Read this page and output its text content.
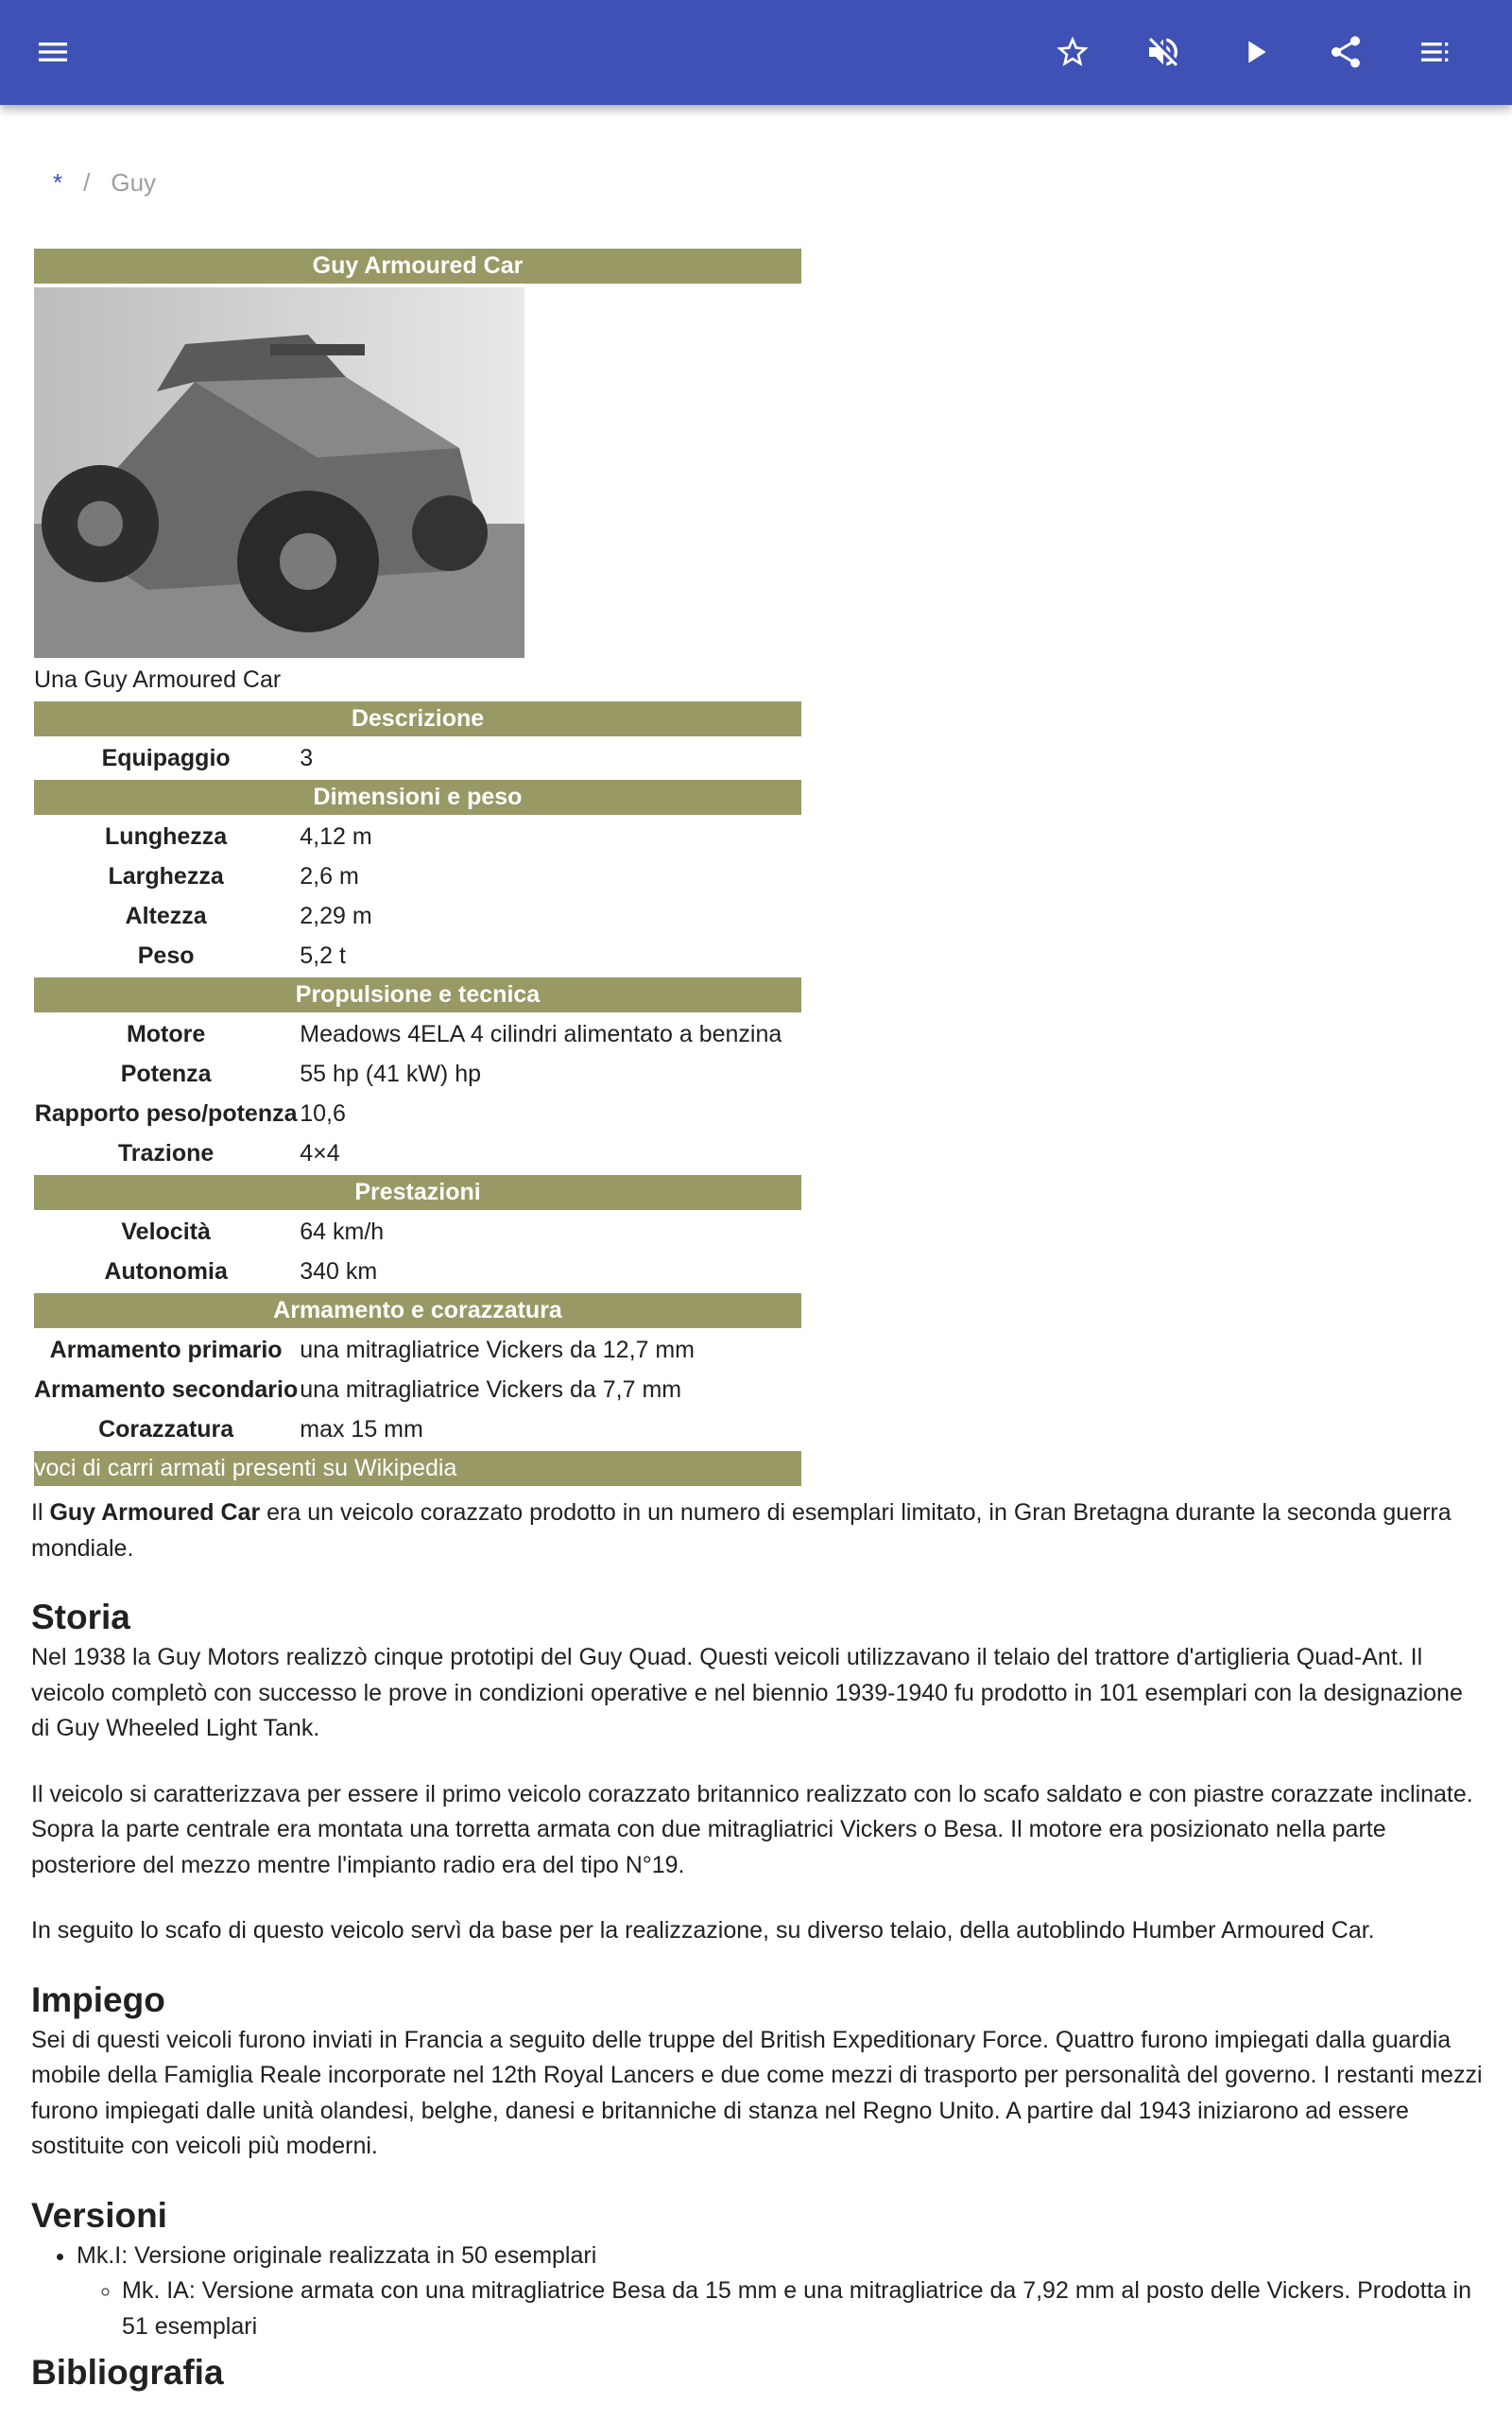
* / Guy
Guy Armoured Car	

Una Guy Armoured Car	
Descrizione	
Equipaggio	3
Dimensioni e peso	
Lunghezza	4,12 m
Larghezza	2,6 m
Altezza	2,29 m
Peso	5,2 t
Propulsione e tecnica	
Motore	Meadows 4ELA 4 cilindri alimentato a benzina
Potenza	55 hp (41 kW) hp
Rapporto peso/potenza	10,6
Trazione	4×4
Prestazioni	
Velocità	64 km/h
Autonomia	340 km
Armamento e corazzatura	
Armamento primario	una mitragliatrice Vickers da 12,7 mm
Armamento secondario	una mitragliatrice Vickers da 7,7 mm
Corazzatura	max 15 mm
voci di carri armati presenti su Wikipedia	

Il Guy Armoured Car era un veicolo corazzato prodotto in un numero di esemplari limitato, in Gran Bretagna durante la seconda guerra mondiale.

Storia

Nel 1938 la Guy Motors realizzò cinque prototipi del Guy Quad. Questi veicoli utilizzavano il telaio del trattore d'artiglieria Quad-Ant. Il veicolo completò con successo le prove in condizioni operative e nel biennio 1939-1940 fu prodotto in 101 esemplari con la designazione di Guy Wheeled Light Tank.

Il veicolo si caratterizzava per essere il primo veicolo corazzato britannico realizzato con lo scafo saldato e con piastre corazzate inclinate. Sopra la parte centrale era montata una torretta armata con due mitragliatrici Vickers o Besa. Il motore era posizionato nella parte posteriore del mezzo mentre l'impianto radio era del tipo N°19.

In seguito lo scafo di questo veicolo servì da base per la realizzazione, su diverso telaio, della autoblindo Humber Armoured Car.

Impiego

Sei di questi veicoli furono inviati in Francia a seguito delle truppe del British Expeditionary Force. Quattro furono impiegati dalla guardia mobile della Famiglia Reale incorporate nel 12th Royal Lancers e due come mezzi di trasporto per personalità del governo. I restanti mezzi furono impiegati dalle unità olandesi, belghe, danesi e britanniche di stanza nel Regno Unito. A partire dal 1943 iniziarono ad essere sostituite con veicoli più moderni.

Versioni
• Mk.I: Versione originale realizzata in 50 esemplari
◦ Mk. IA: Versione armata con una mitragliatrice Besa da 15 mm e una mitragliatrice da 7,92 mm al posto delle Vickers. Prodotta in 51 esemplari
Bibliografia
